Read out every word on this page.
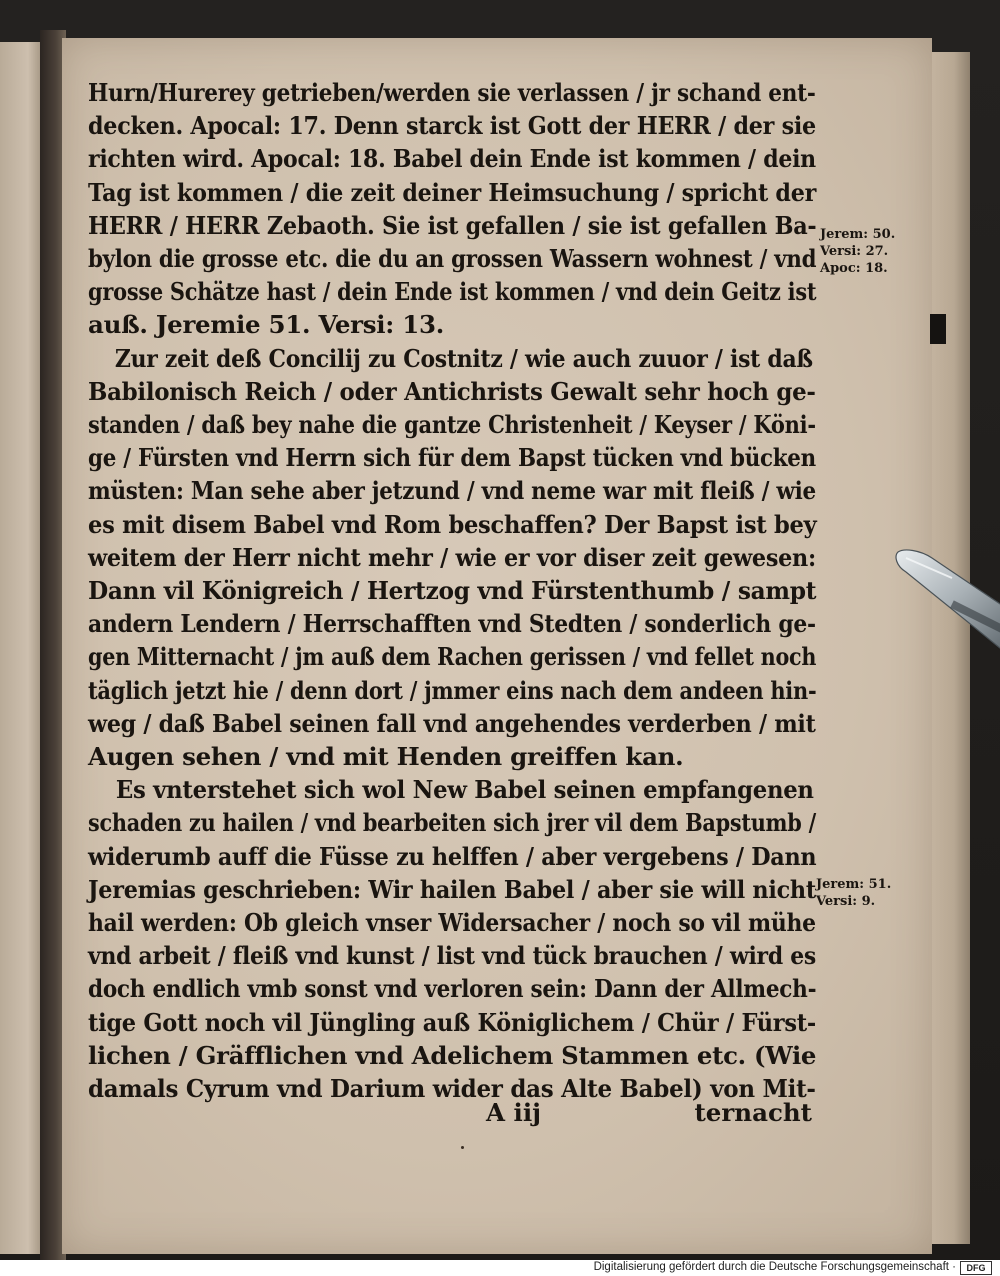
Hurn/Hurerey getrieben/werden sie verlassen / jr schand ent-
decken. Apocal: 17. Denn starck ist Gott der HERR / der sie
richten wird. Apocal: 18. Babel dein Ende ist kommen / dein
Tag ist kommen / die zeit deiner Heimsuchung / spricht der
HERR / HERR Zebaoth. Sie ist gefallen / sie ist gefallen Ba-
bylon die grosse etc. die du an grossen Wassern wohnest / vnd
grosse Schätze hast / dein Ende ist kommen / vnd dein Geitz ist
auß. Jeremie 51. Versi: 13.
Zur zeit deß Concilij zu Costnitz / wie auch zuuor / ist daß
Babilonisch Reich / oder Antichrists Gewalt sehr hoch ge-
standen / daß bey nahe die gantze Christenheit / Keyser / Köni-
ge / Fürsten vnd Herrn sich für dem Bapst tücken vnd bücken
müsten: Man sehe aber jetzund / vnd neme war mit fleiß / wie
es mit disem Babel vnd Rom beschaffen? Der Bapst ist bey
weitem der Herr nicht mehr / wie er vor diser zeit gewesen:
Dann vil Königreich / Hertzog vnd Fürstenthumb / sampt
andern Lendern / Herrschafften vnd Stedten / sonderlich ge-
gen Mitternacht / jm auß dem Rachen gerissen / vnd fellet noch
täglich jetzt hie / denn dort / jmmer eins nach dem andeen hin-
weg / daß Babel seinen fall vnd angehendes verderben / mit
Augen sehen / vnd mit Henden greiffen kan.
Es vnterstehet sich wol New Babel seinen empfangenen
schaden zu hailen / vnd bearbeiten sich jrer vil dem Bapstumb /
widerumb auff die Füsse zu helffen / aber vergebens / Dann
Jeremias geschrieben: Wir hailen Babel / aber sie will nicht
hail werden: Ob gleich vnser Widersacher / noch so vil mühe
vnd arbeit / fleiß vnd kunst / list vnd tück brauchen / wird es
doch endlich vmb sonst vnd verloren sein: Dann der Allmech-
tige Gott noch vil Jüngling auß Königlichem / Chür / Fürst-
lichen / Gräfflichen vnd Adelichem Stammen etc. (Wie
damals Cyrum vnd Darium wider das Alte Babel) von Mit-
Jerem: 50.
Versi: 27.
Apoc: 18.
Jerem: 51.
Versi: 9.
A iij	ternacht
Digitalisierung gefördert durch die Deutsche Forschungsgemeinschaft ·	DFG
